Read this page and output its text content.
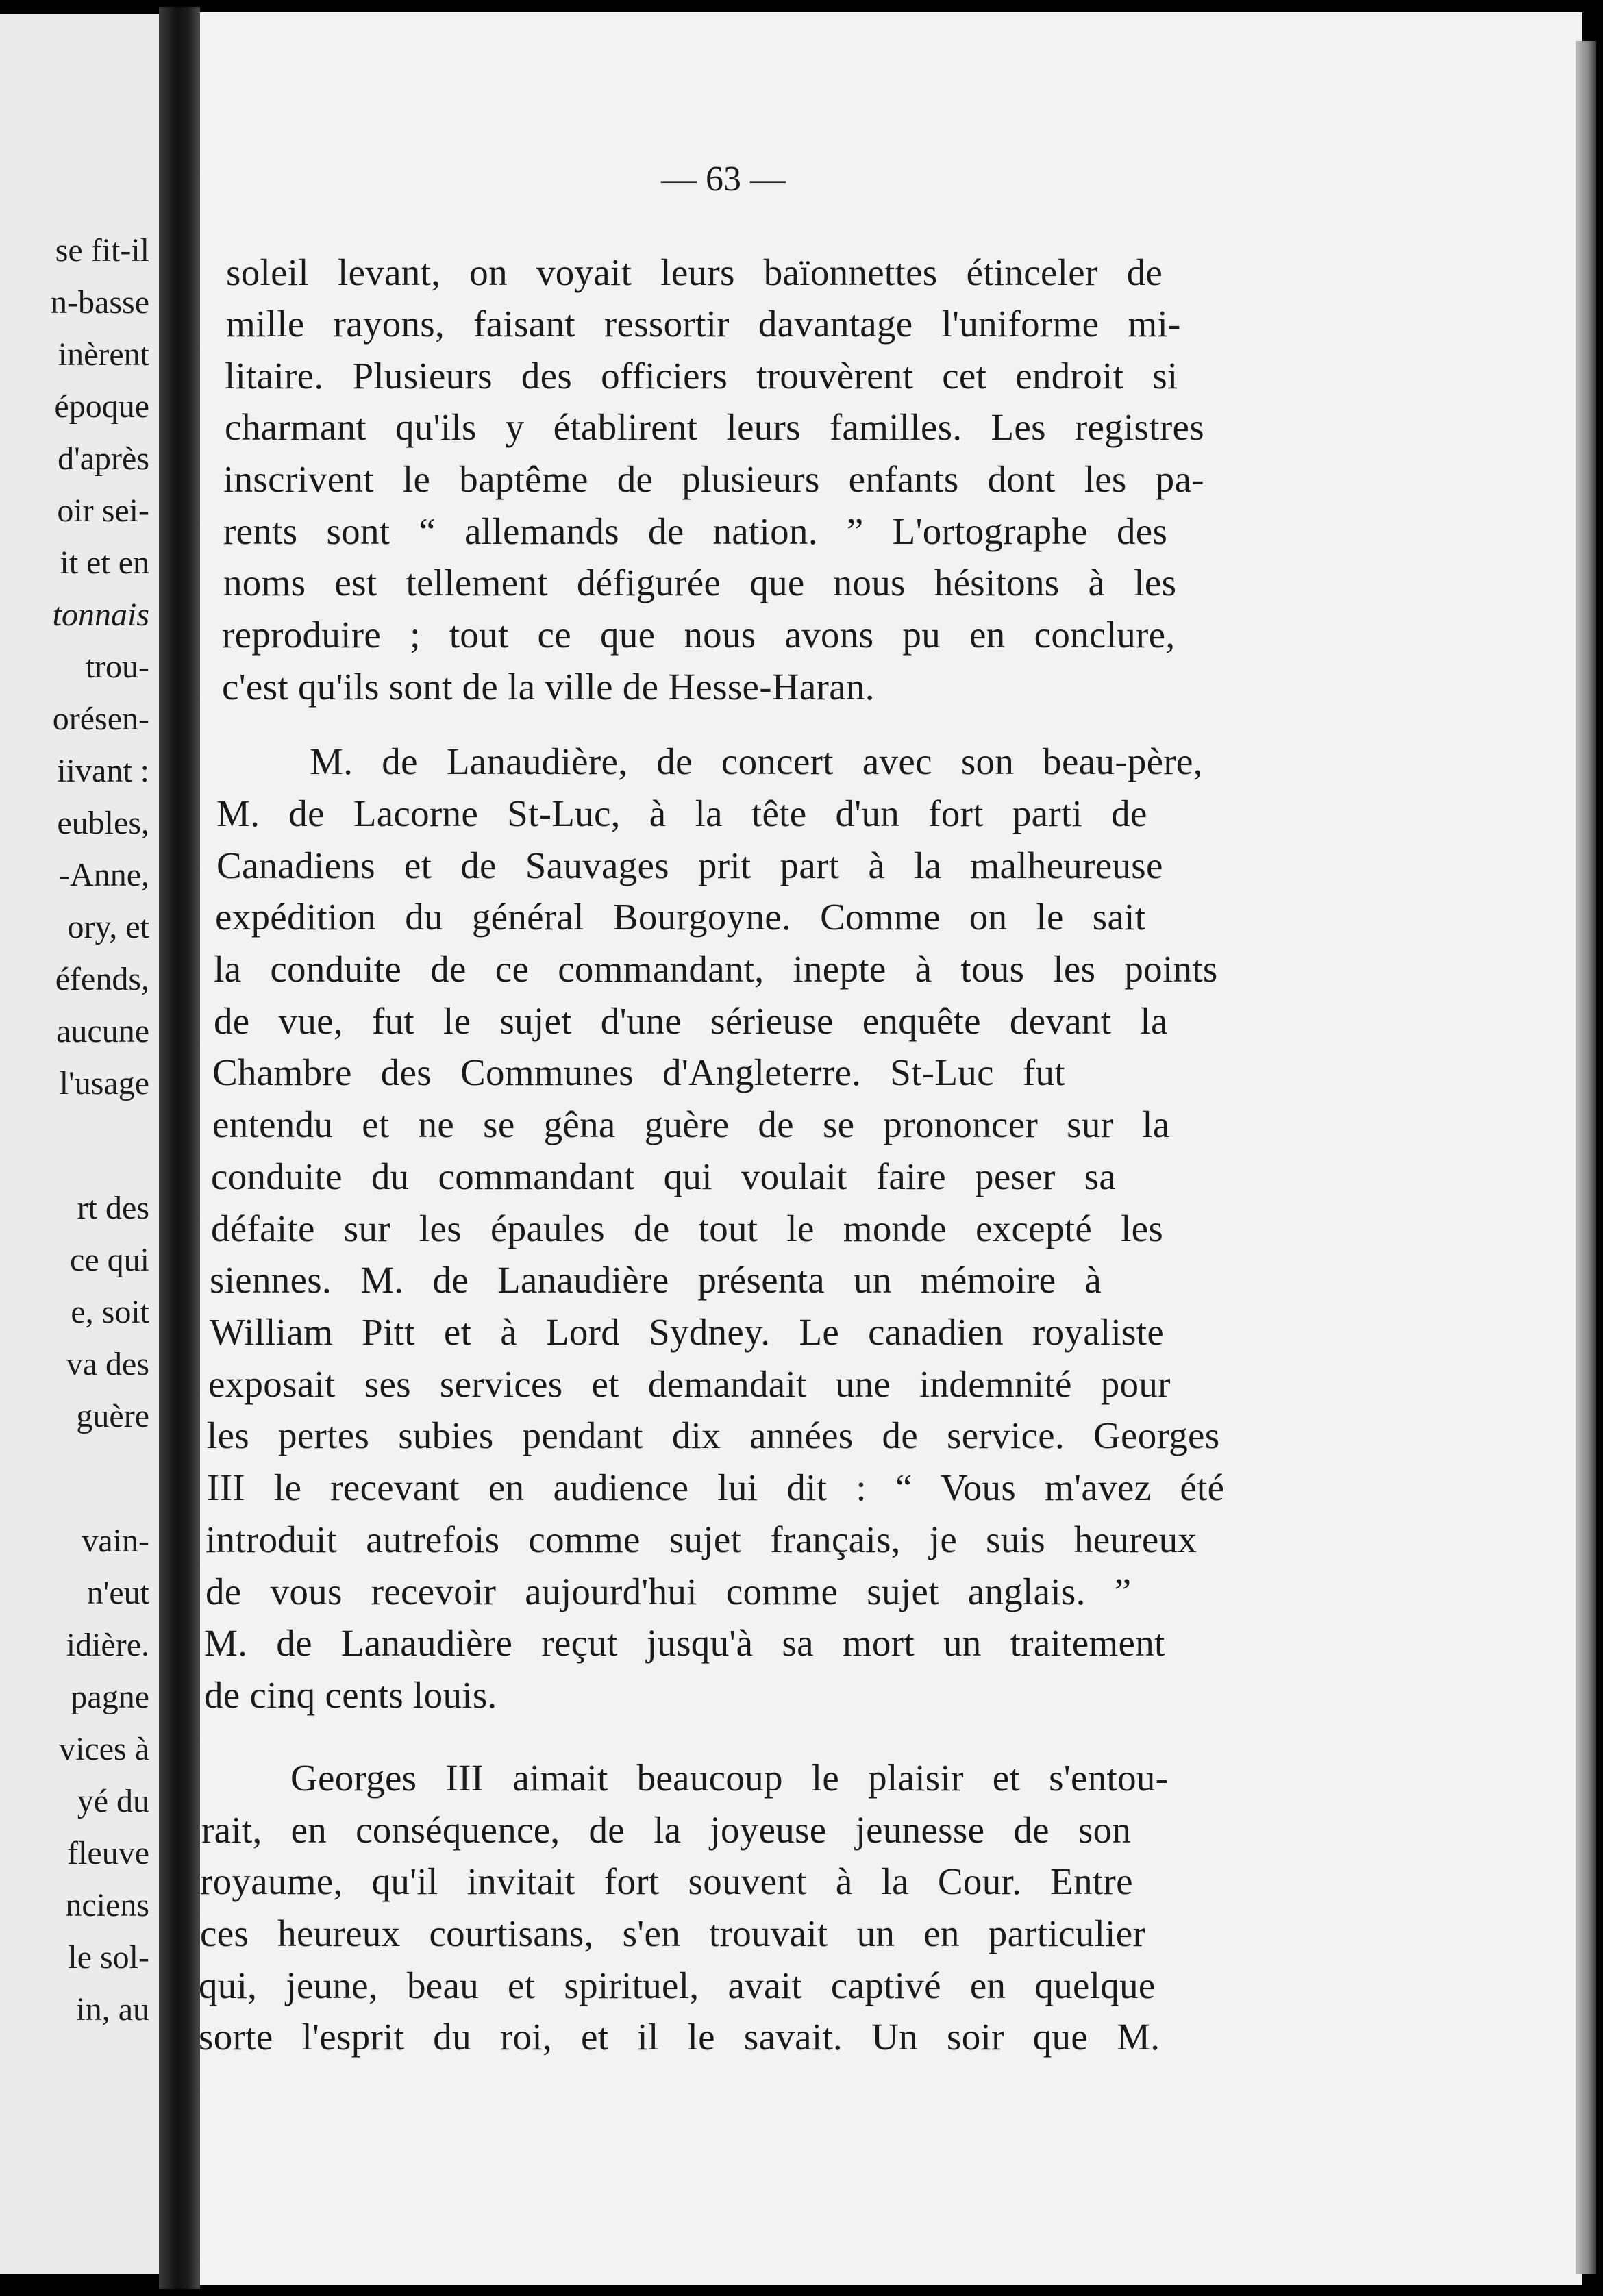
se fit-il
n-basse
inèrent
époque
d'après
oir sei-
it et en
tonnais
trou-
orésen-
iivant :
eubles,
-Anne,
ory, et
éfends,
aucune
l'usage
rt des
ce qui
e, soit
va des
guère
vain-
n'eut
idière.
pagne
vices à
yé du
fleuve
nciens
le sol-
in, au
— 63 —
soleil levant, on voyait leurs baïonnettes étinceler de
mille rayons, faisant ressortir davantage l'uniforme mi-
litaire. Plusieurs des officiers trouvèrent cet endroit si
charmant qu'ils y établirent leurs familles. Les registres
inscrivent le baptême de plusieurs enfants dont les pa-
rents sont “ allemands de nation. ” L'ortographe des
noms est tellement défigurée que nous hésitons à les
reproduire ; tout ce que nous avons pu en conclure,
c'est qu'ils sont de la ville de Hesse-Haran.
M. de Lanaudière, de concert avec son beau-père,
M. de Lacorne St-Luc, à la tête d'un fort parti de
Canadiens et de Sauvages prit part à la malheureuse
expédition du général Bourgoyne. Comme on le sait
la conduite de ce commandant, inepte à tous les points
de vue, fut le sujet d'une sérieuse enquête devant la
Chambre des Communes d'Angleterre. St-Luc fut
entendu et ne se gêna guère de se prononcer sur la
conduite du commandant qui voulait faire peser sa
défaite sur les épaules de tout le monde excepté les
siennes. M. de Lanaudière présenta un mémoire à
William Pitt et à Lord Sydney. Le canadien royaliste
exposait ses services et demandait une indemnité pour
les pertes subies pendant dix années de service. Georges
III le recevant en audience lui dit : “ Vous m'avez été
introduit autrefois comme sujet français, je suis heureux
de vous recevoir aujourd'hui comme sujet anglais. ”
M. de Lanaudière reçut jusqu'à sa mort un traitement
de cinq cents louis.
Georges III aimait beaucoup le plaisir et s'entou-
rait, en conséquence, de la joyeuse jeunesse de son
royaume, qu'il invitait fort souvent à la Cour. Entre
ces heureux courtisans, s'en trouvait un en particulier
qui, jeune, beau et spirituel, avait captivé en quelque
sorte l'esprit du roi, et il le savait. Un soir que M.
